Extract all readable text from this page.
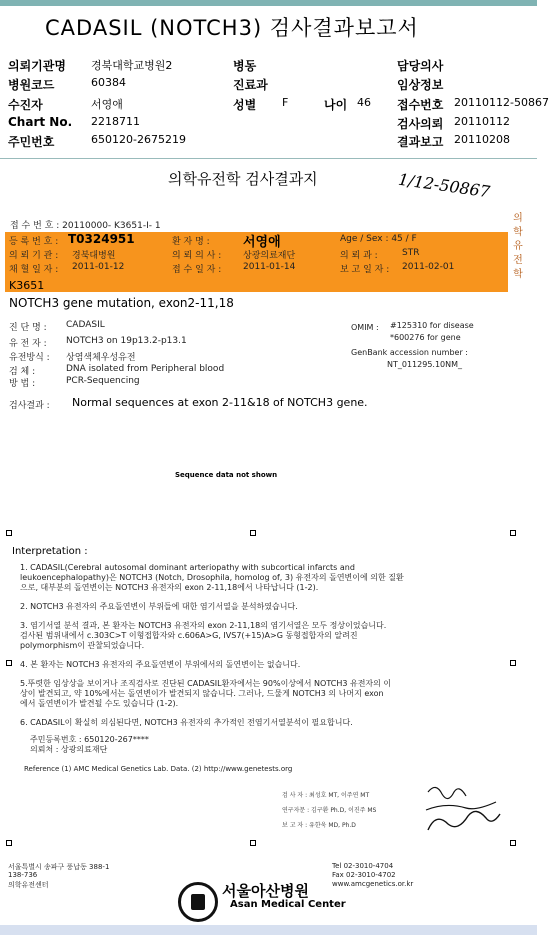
CADASIL (NOTCH3) 검사결과보고서
의뢰기관명 경북대학교병원2	병동	담당의사
병원코드	60384	진료과	임상정보
수진자	서영애	성별 F	나이 46 접수번호 20110112-50867
Chart No. 2218711	검사의뢰 20110112
주민번호	650120-2675219	결과보고 20110208
의학유전학 검사결과지	1/12-50867
의학유전학
접 수 번 호 : 20110000- K3651-I- 1
등 록 번 호 : T0324951	환 자 명 :	서영애	Age / Sex : 45 / F
의 뢰 기 관 : 경북대병원	의 뢰 의 사 : 상광의료재단	의 뢰 과 :	STR
채 혈 일 자 : 2011-01-12	접 수 일 자 : 2011-01-14	보 고 일 자 : 2011-02-01
K3651
NOTCH3 gene mutation, exon2-11,18
진 단 명 : CADASIL
유 전 자 : NOTCH3 on 19p13.2-p13.1
유전방식 : 상염색체우성유전
검 체 :	DNA isolated from Peripheral blood
방 법 :	PCR-Sequencing
OMIM : #125310 for disease
*600276 for gene
GenBank accession number :
NT_011295.10NM_
검사결과 : Normal sequences at exon 2-11&18 of NOTCH3 gene.
Sequence data not shown
Interpretation :
1. CADASIL(Cerebral autosomal dominant arteriopathy with subcortical infarcts and
leukoencephalopathy)은 NOTCH3 (Notch, Drosophila, homolog of, 3) 유전자의 돌연변이에 의한 질환
으로, 대부분의 돌연변이는 NOTCH3 유전자의 exon 2-11,18에서 나타납니다 (1-2).
2. NOTCH3 유전자의 주요돌연변이 부위들에 대한 염기서열을 분석하였습니다.
3. 염기서열 분석 결과, 본 환자는 NOTCH3 유전자의 exon 2-11,18의 염기서열은 모두 정상이었습니다.
검사된 범위내에서 c.303C>T 이형접합자와 c.606A>G, IVS7(+15)A>G 동형접합자의 알려진
polymorphism이 관찰되었습니다.
4. 본 환자는 NOTCH3 유전자의 주요돌연변이 부위에서의 돌연변이는 없습니다.
5.뚜렷한 임상상을 보이거나 조직검사로 진단된 CADASIL환자에서는 90%이상에서 NOTCH3 유전자의 이
상이 발견되고, 약 10%에서는 돌연변이가 발견되지 않습니다. 그러나, 드물게 NOTCH3 의 나머지 exon
에서 돌연변이가 발견될 수도 있습니다 (1-2).
6. CADASIL이 확실히 의심된다면, NOTCH3 유전자의 추가적인 전염기서열분석이 필요합니다.
주민등록번호 : 650120-267****
의뢰처 : 상광의료재단
Reference (1) AMC Medical Genetics Lab. Data. (2) http://www.genetests.org
검 사 자 : 최성호 MT, 이주연 MT
연구자문 : 김구환 Ph.D, 이진주 MS
보 고 자 : 유한욱 MD, Ph.D
서울특별시 송파구 풍납동 388-1
138-736
의학유전센터	서울아산병원
Asan Medical Center
Tel 02-3010-4704
Fax 02-3010-4702
www.amcgenetics.or.kr
